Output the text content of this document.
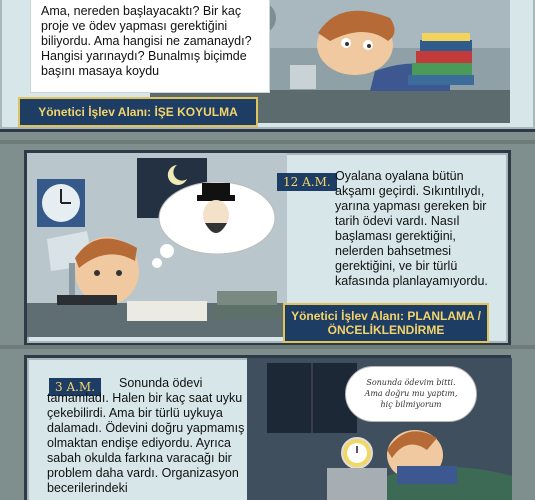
Ama, nereden başlayacaktı? Bir kaç proje ve ödev yapması gerektiğini biliyordu. Ama hangisi ne zamanaydı? Hangisi yarınaydı? Bunalmış biçimde başını masaya koydu
Yönetici İşlev Alanı: İŞE KOYULMA
12 A.M. Oyalana oyalana bütün akşamı geçirdi. Sıkıntılıydı, yarına yapması gereken bir tarih ödevi vardı. Nasıl başlaması gerektiğini, nelerden bahsetmesi gerektiğini, ve bir türlü kafasında planlayamıyordu.
Yönetici İşlev Alanı: PLANLAMA / ÖNCELİKLENDİRME
Sonunda ödevim bitti. Ama doğru mu yaptım, hiç bilmiyorum
3 A.M.	Sonunda ödevi tamamladı. Halen bir kaç saat uyku çekebilirdi. Ama bir türlü uykuya dalamadı. Ödevini doğru yapmamış olmaktan endişe ediyordu. Ayrıca sabah okulda farkına varacağı bir problem daha vardı. Organizasyon becerilerindeki
